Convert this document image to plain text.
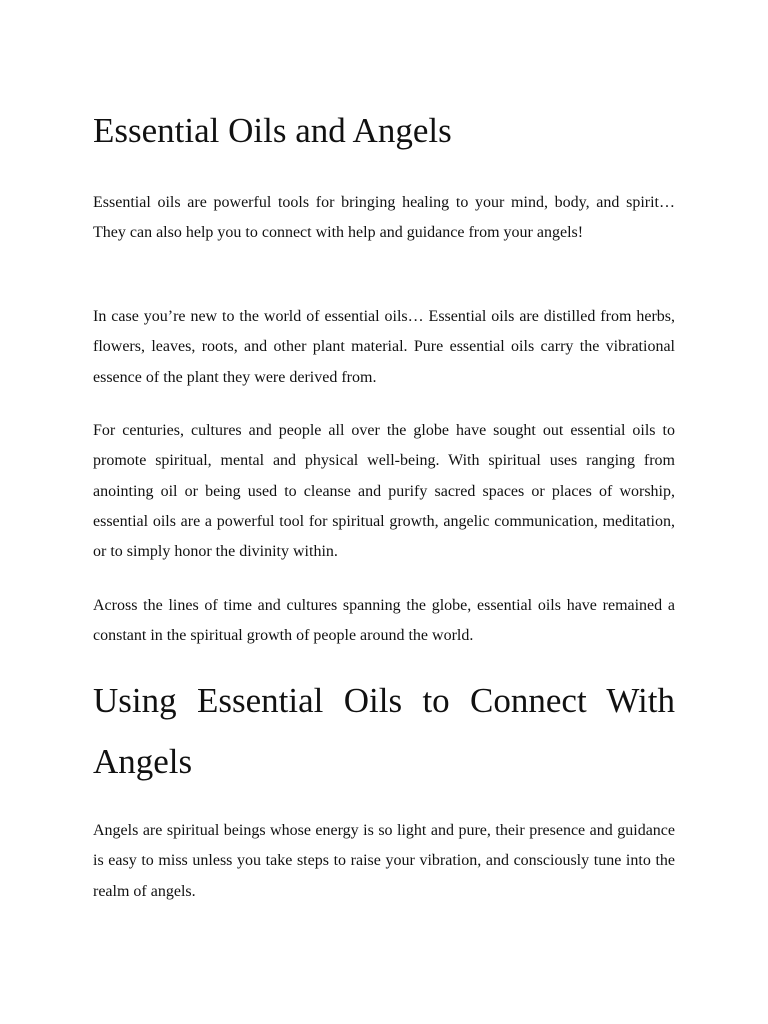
Essential Oils and Angels

Essential oils are powerful tools for bringing healing to your mind, body, and spirit… They can also help you to connect with help and guidance from your angels!

In case you’re new to the world of essential oils… Essential oils are distilled from herbs, flowers, leaves, roots, and other plant material. Pure essential oils carry the vibrational essence of the plant they were derived from.

For centuries, cultures and people all over the globe have sought out essential oils to promote spiritual, mental and physical well-being. With spiritual uses ranging from anointing oil or being used to cleanse and purify sacred spaces or places of worship, essential oils are a powerful tool for spiritual growth, angelic communication, meditation, or to simply honor the divinity within.

Across the lines of time and cultures spanning the globe, essential oils have remained a constant in the spiritual growth of people around the world.

Using Essential Oils to Connect With Angels

Angels are spiritual beings whose energy is so light and pure, their presence and guidance is easy to miss unless you take steps to raise your vibration, and consciously tune into the realm of angels.
